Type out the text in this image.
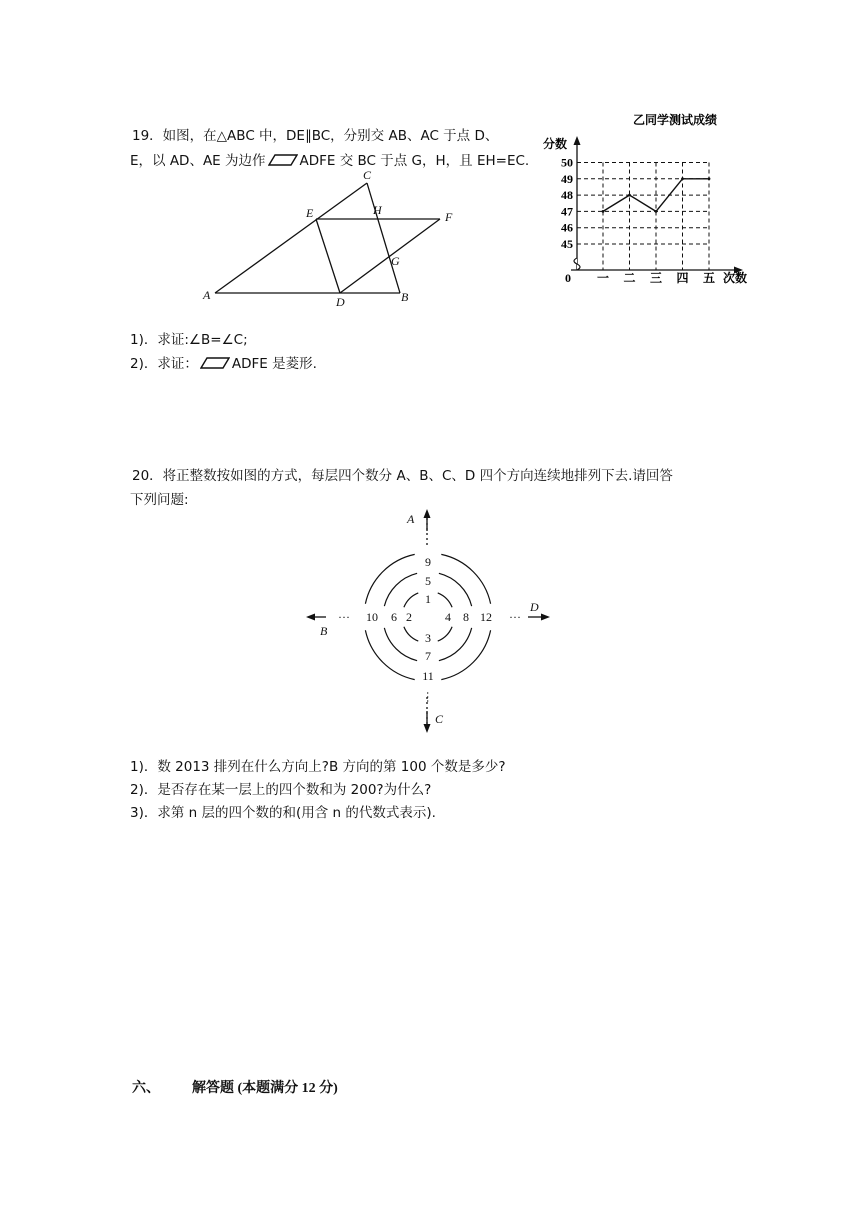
19．如图，在△ABC 中，DE∥BC，分别交 AB、AC 于点 D、
E，以 AD、AE 为边作	ADFE 交 BC 于点 G，H，且 EH=EC.
A	B
C
D
E	F
G
H
乙同学测试成绩
分数
0	次数
45
46
47
48
49
50
一 二 三 四 五
1)．求证:∠B=∠C;
2)．求证：	ADFE 是菱形.
20．将正整数按如图的方式，每层四个数分 A、B、C、D 四个方向连续地排列下去.请回答
下列问题:
9
5
1
10 6 2	4 8 12
3
7
11
···	···
···
A
B
C
D
1)．数 2013 排列在什么方向上?B 方向的第 100 个数是多少?
2)．是否存在某一层上的四个数和为 200?为什么?
3)．求第 n 层的四个数的和(用含 n 的代数式表示).
六、 解答题 (本题满分 12 分)
